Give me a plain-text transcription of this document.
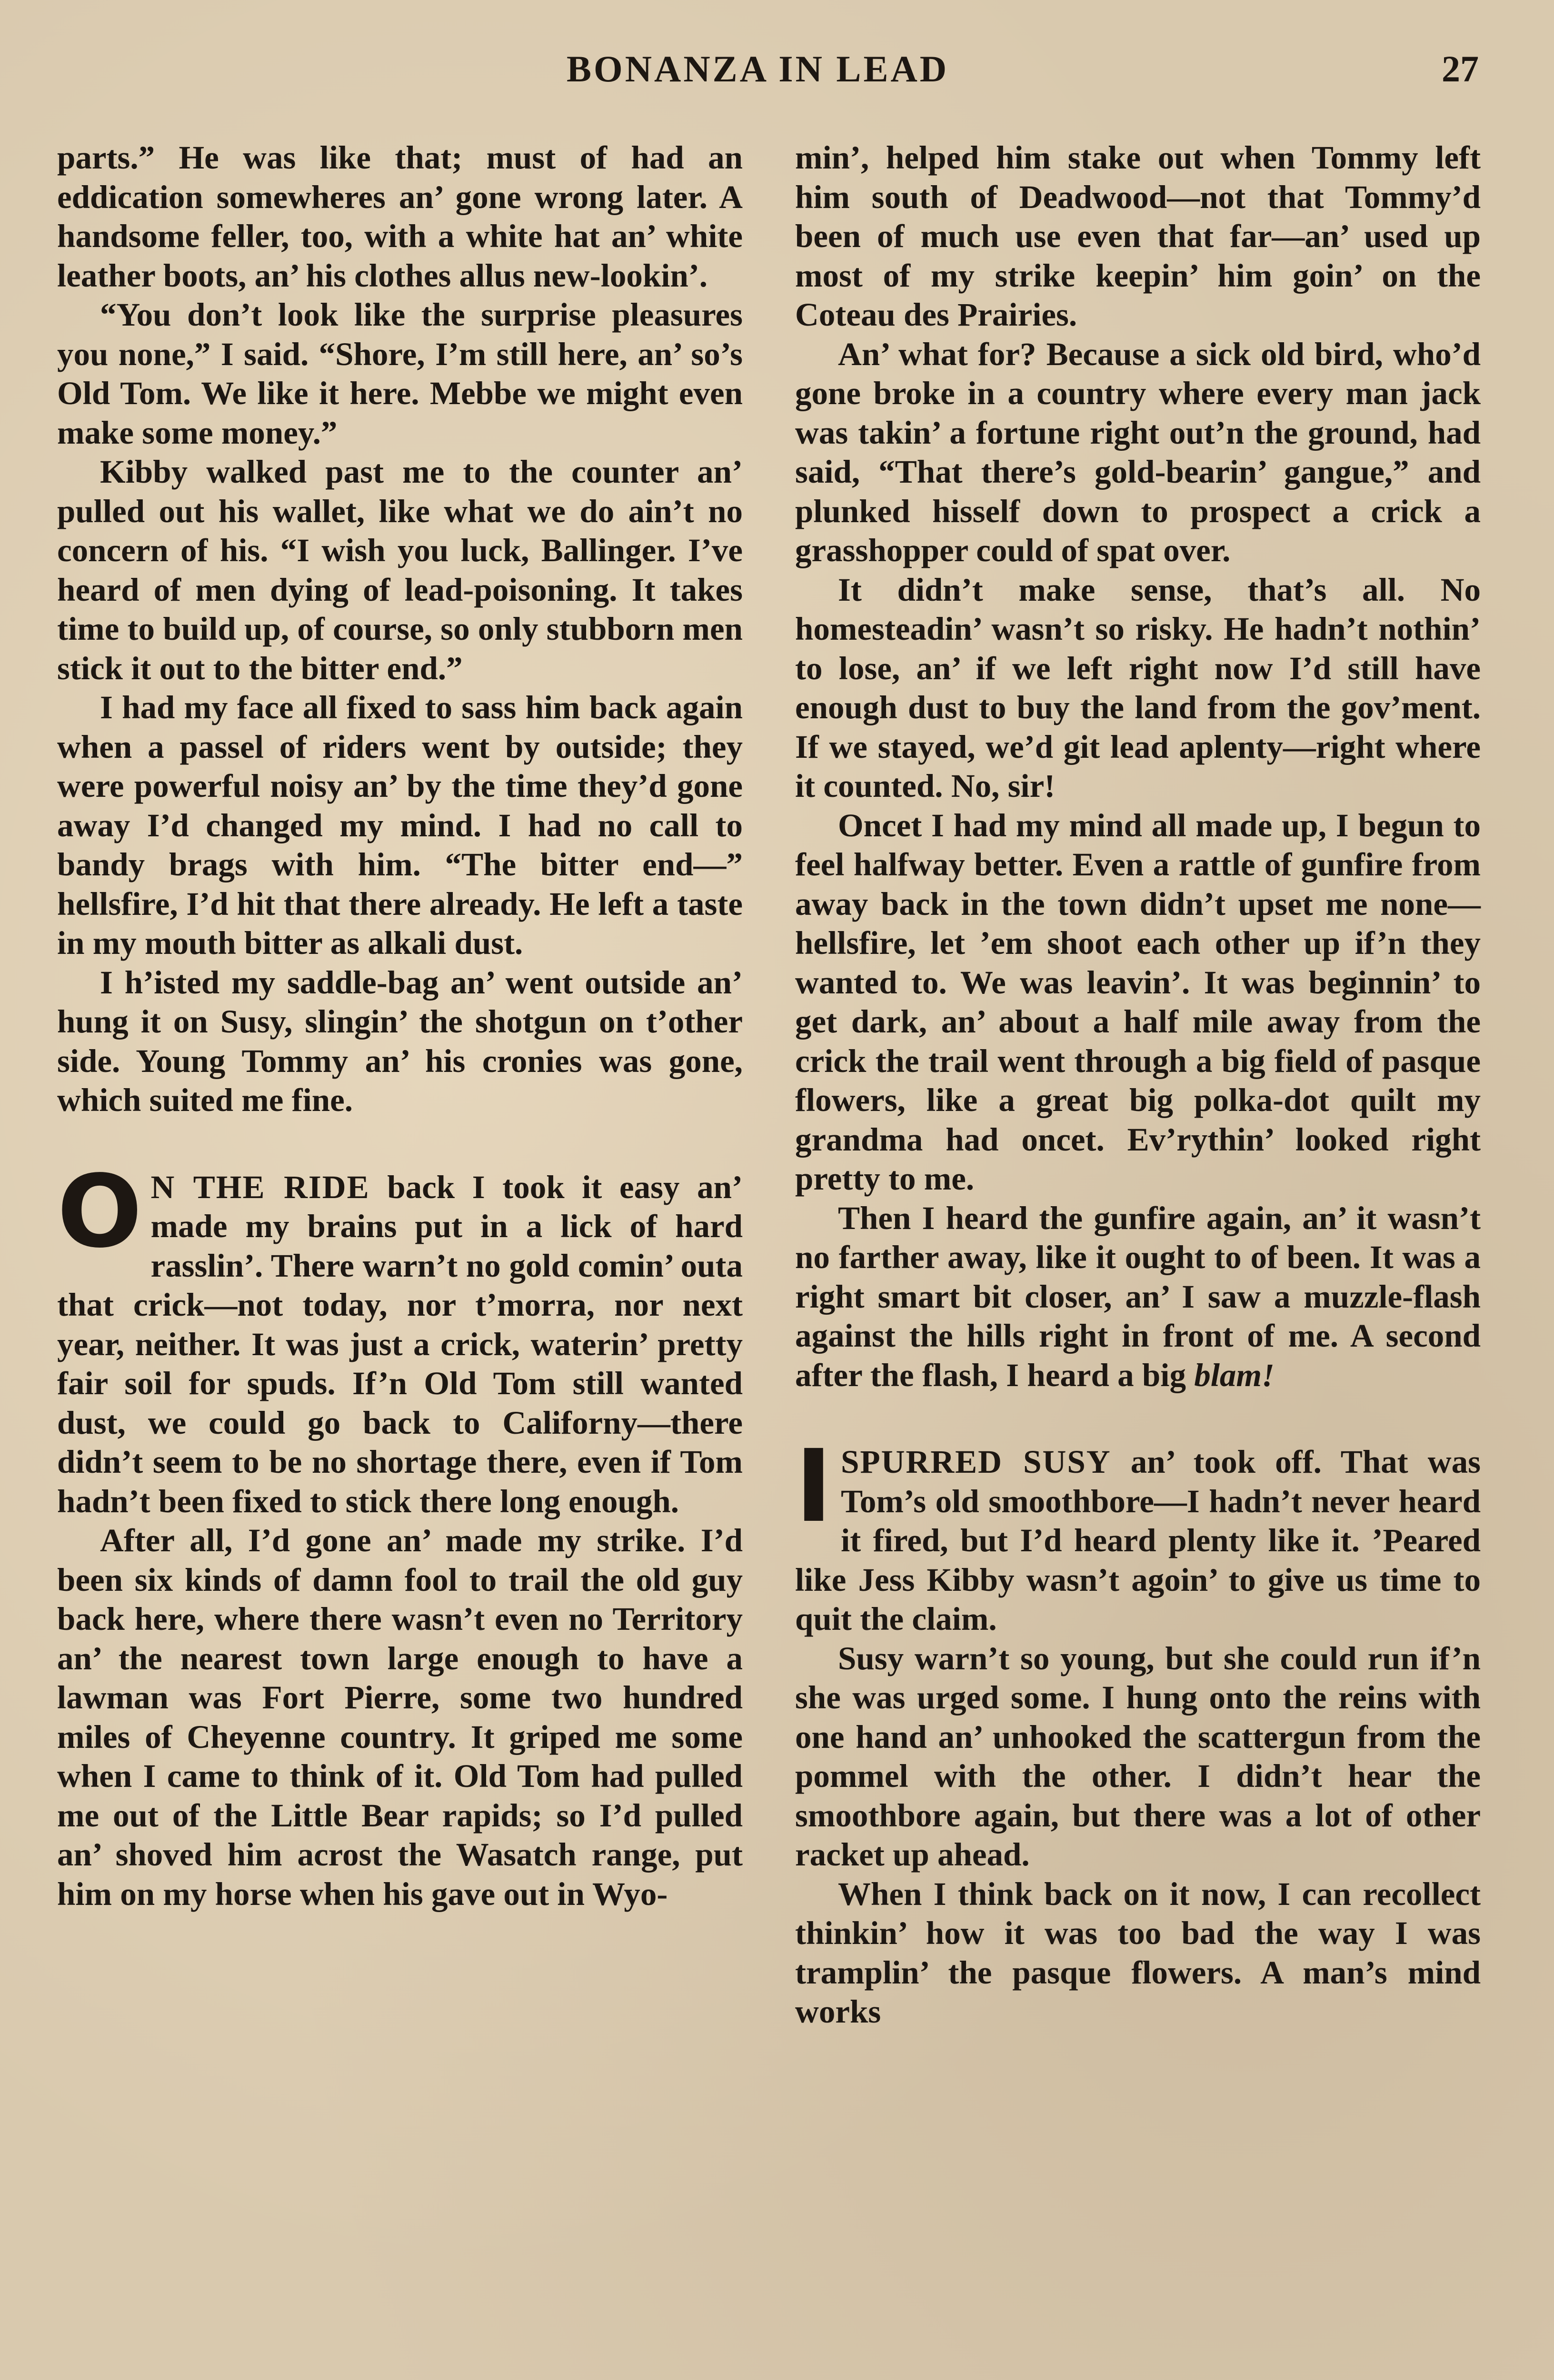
BONANZA IN LEAD	27

parts.” He was like that; must of had an eddication somewheres an’ gone wrong later. A handsome feller, too, with a white hat an’ white leather boots, an’ his clothes allus new-lookin’.

“You don’t look like the surprise pleasures you none,” I said. “Shore, I’m still here, an’ so’s Old Tom. We like it here. Mebbe we might even make some money.”

Kibby walked past me to the counter an’ pulled out his wallet, like what we do ain’t no concern of his. “I wish you luck, Ballinger. I’ve heard of men dying of lead-poisoning. It takes time to build up, of course, so only stubborn men stick it out to the bitter end.”

I had my face all fixed to sass him back again when a passel of riders went by outside; they were powerful noisy an’ by the time they’d gone away I’d changed my mind. I had no call to bandy brags with him. “The bitter end—” hellsfire, I’d hit that there already. He left a taste in my mouth bitter as alkali dust.

I h’isted my saddle-bag an’ went outside an’ hung it on Susy, slingin’ the shotgun on t’other side. Young Tommy an’ his cronies was gone, which suited me fine.

O N THE RIDE back I took it easy an’ made my brains put in a lick of hard rasslin’. There warn’t no gold comin’ outa that crick—not today, nor t’morra, nor next year, neither. It was just a crick, waterin’ pretty fair soil for spuds. If’n Old Tom still wanted dust, we could go back to Californy—there didn’t seem to be no shortage there, even if Tom hadn’t been fixed to stick there long enough.

After all, I’d gone an’ made my strike. I’d been six kinds of damn fool to trail the old guy back here, where there wasn’t even no Territory an’ the nearest town large enough to have a lawman was Fort Pierre, some two hundred miles of Cheyenne country. It griped me some when I came to think of it. Old Tom had pulled me out of the Little Bear rapids; so I’d pulled an’ shoved him acrost the Wasatch range, put him on my horse when his gave out in Wyo-

min’, helped him stake out when Tommy left him south of Deadwood—not that Tommy’d been of much use even that far—an’ used up most of my strike keepin’ him goin’ on the Coteau des Prairies.

An’ what for? Because a sick old bird, who’d gone broke in a country where every man jack was takin’ a fortune right out’n the ground, had said, “That there’s gold-bearin’ gangue,” and plunked hisself down to prospect a crick a grasshopper could of spat over.

It didn’t make sense, that’s all. No homesteadin’ wasn’t so risky. He hadn’t nothin’ to lose, an’ if we left right now I’d still have enough dust to buy the land from the gov’ment. If we stayed, we’d git lead aplenty—right where it counted. No, sir!

Oncet I had my mind all made up, I begun to feel halfway better. Even a rattle of gunfire from away back in the town didn’t upset me none—hellsfire, let ’em shoot each other up if’n they wanted to. We was leavin’. It was beginnin’ to get dark, an’ about a half mile away from the crick the trail went through a big field of pasque flowers, like a great big polka-dot quilt my grandma had oncet. Ev’rythin’ looked right pretty to me.

Then I heard the gunfire again, an’ it wasn’t no farther away, like it ought to of been. It was a right smart bit closer, an’ I saw a muzzle-flash against the hills right in front of me. A second after the flash, I heard a big blam!

ISPURRED SUSY an’ took off. That was Tom’s old smoothbore—I hadn’t never heard it fired, but I’d heard plenty like it. ’Peared like Jess Kibby wasn’t agoin’ to give us time to quit the claim.

Susy warn’t so young, but she could run if’n she was urged some. I hung onto the reins with one hand an’ unhooked the scattergun from the pommel with the other. I didn’t hear the smoothbore again, but there was a lot of other racket up ahead.

When I think back on it now, I can recollect thinkin’ how it was too bad the way I was tramplin’ the pasque flowers. A man’s mind works
